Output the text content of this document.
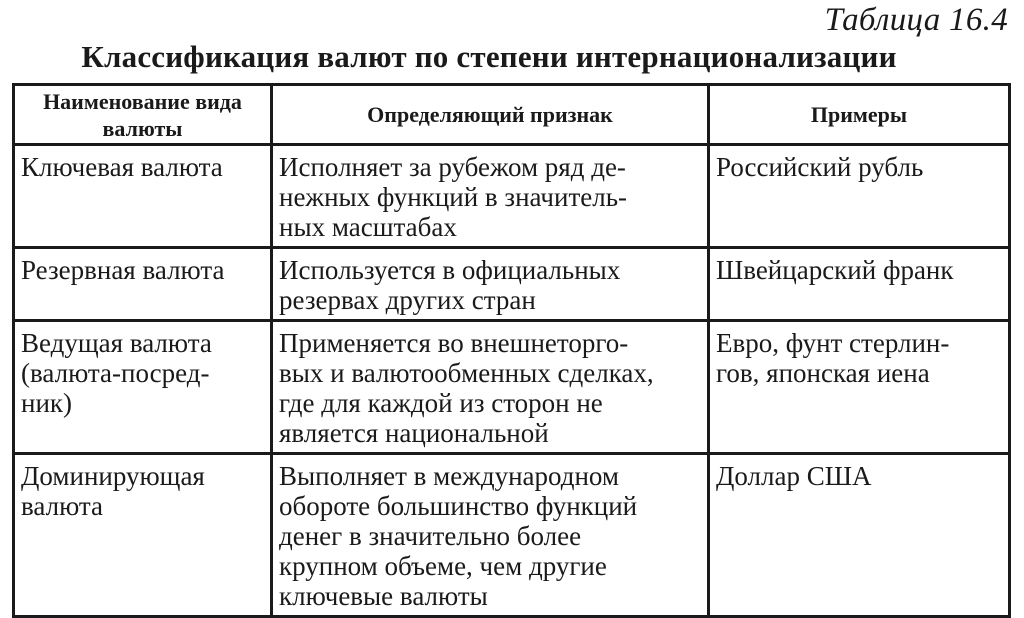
Таблица 16.4
Классификация валют по степени интернационализации
Наименование вида валюты	Определяющий признак	Примеры

Ключевая валюта	Исполняет за рубежом ряд де-
нежных функций в значитель-
ных масштабах	Российский рубль

Резервная валюта	Используется в официальных
резервах других стран	Швейцарский франк

Ведущая валюта
(валюта-посред-
ник)	Применяется во внешнеторго-
вых и валютообменных сделках,
где для каждой из сторон не
является национальной	Евро, фунт стерлин-
гов, японская иена

Доминирующая
валюта	Выполняет в международном
обороте большинство функций
денег в значительно более
крупном объеме, чем другие
ключевые валюты	Доллар США
